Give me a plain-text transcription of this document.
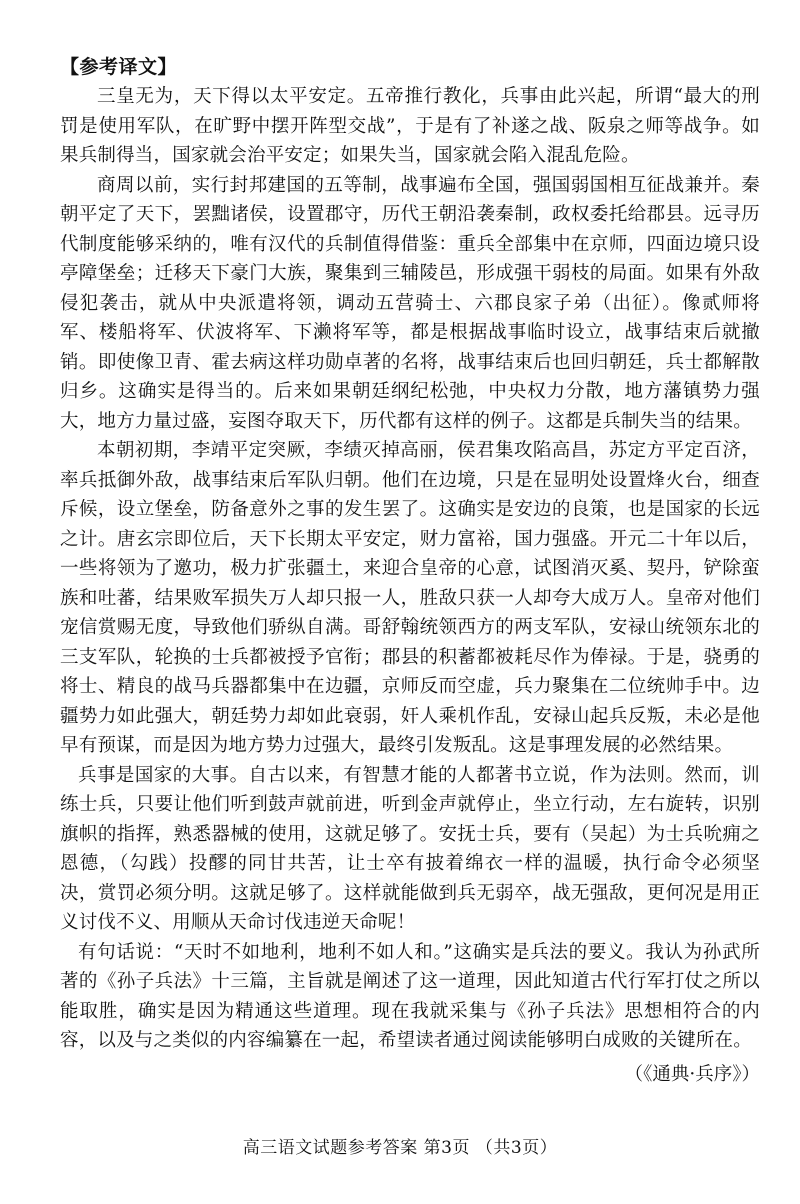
【参考译文】

三皇无为，天下得以太平安定。五帝推行教化，兵事由此兴起，所谓“最大的刑罚是使用军队，在旷野中摆开阵型交战”，于是有了补遂之战、阪泉之师等战争。如果兵制得当，国家就会治平安定；如果失当，国家就会陷入混乱危险。

商周以前，实行封邦建国的五等制，战事遍布全国，强国弱国相互征战兼并。秦朝平定了天下，罢黜诸侯，设置郡守，历代王朝沿袭秦制，政权委托给郡县。远寻历代制度能够采纳的，唯有汉代的兵制值得借鉴：重兵全部集中在京师，四面边境只设亭障堡垒；迁移天下豪门大族，聚集到三辅陵邑，形成强干弱枝的局面。如果有外敌侵犯袭击，就从中央派遣将领，调动五营骑士、六郡良家子弟（出征）。像贰师将军、楼船将军、伏波将军、下濑将军等，都是根据战事临时设立，战事结束后就撤销。即使像卫青、霍去病这样功勋卓著的名将，战事结束后也回归朝廷，兵士都解散归乡。这确实是得当的。后来如果朝廷纲纪松弛，中央权力分散，地方藩镇势力强大，地方力量过盛，妄图夺取天下，历代都有这样的例子。这都是兵制失当的结果。

本朝初期，李靖平定突厥，李绩灭掉高丽，侯君集攻陷高昌，苏定方平定百济，率兵抵御外敌，战事结束后军队归朝。他们在边境，只是在显明处设置烽火台，细查斥候，设立堡垒，防备意外之事的发生罢了。这确实是安边的良策，也是国家的长远之计。唐玄宗即位后，天下长期太平安定，财力富裕，国力强盛。开元二十年以后，一些将领为了邀功，极力扩张疆土，来迎合皇帝的心意，试图消灭奚、契丹，铲除蛮族和吐蕃，结果败军损失万人却只报一人，胜敌只获一人却夸大成万人。皇帝对他们宠信赏赐无度，导致他们骄纵自满。哥舒翰统领西方的两支军队，安禄山统领东北的三支军队，轮换的士兵都被授予官衔；郡县的积蓄都被耗尽作为俸禄。于是，骁勇的将士、精良的战马兵器都集中在边疆，京师反而空虚，兵力聚集在二位统帅手中。边疆势力如此强大，朝廷势力却如此衰弱，奸人乘机作乱，安禄山起兵反叛，未必是他早有预谋，而是因为地方势力过强大，最终引发叛乱。这是事理发展的必然结果。

兵事是国家的大事。自古以来，有智慧才能的人都著书立说，作为法则。然而，训练士兵，只要让他们听到鼓声就前进，听到金声就停止，坐立行动，左右旋转，识别旗帜的指挥，熟悉器械的使用，这就足够了。安抚士兵，要有（吴起）为士兵吮痈之恩德，（勾践）投醪的同甘共苦，让士卒有披着绵衣一样的温暖，执行命令必须坚决，赏罚必须分明。这就足够了。这样就能做到兵无弱卒，战无强敌，更何况是用正义讨伐不义、用顺从天命讨伐违逆天命呢！

有句话说：“天时不如地利，地利不如人和。”这确实是兵法的要义。我认为孙武所著的《孙子兵法》十三篇，主旨就是阐述了这一道理，因此知道古代行军打仗之所以能取胜，确实是因为精通这些道理。现在我就采集与《孙子兵法》思想相符合的内容，以及与之类似的内容编纂在一起，希望读者通过阅读能够明白成败的关键所在。

（《通典·兵序》）

高三语文试题参考答案 第3页 （共3页）
